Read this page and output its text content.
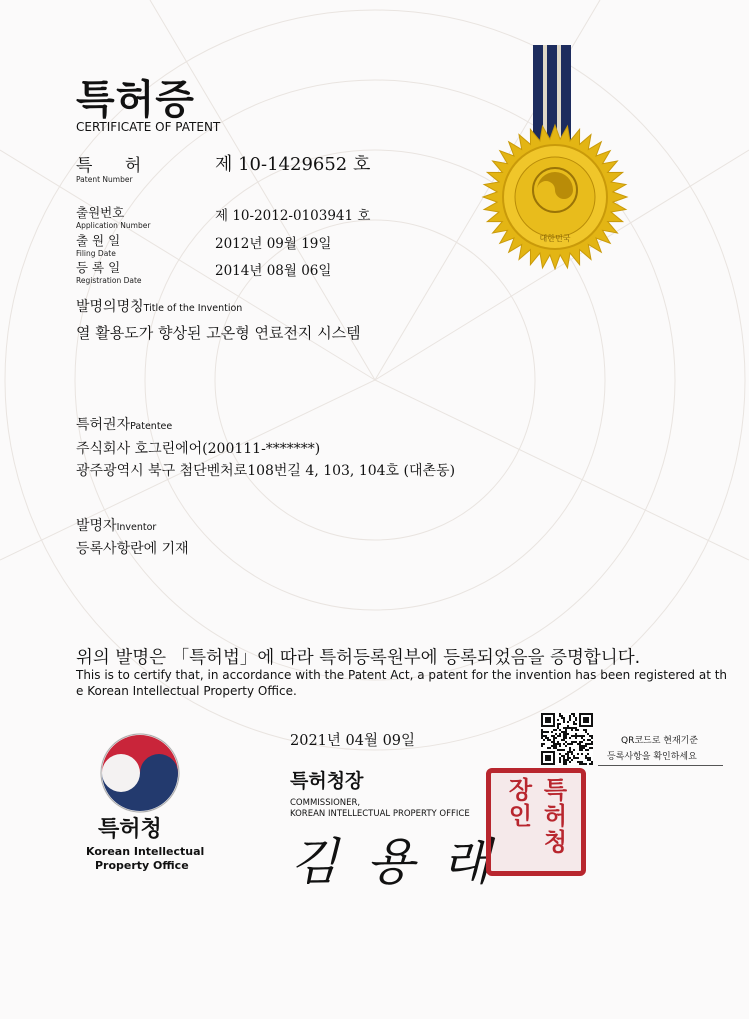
특허증
CERTIFICATE OF PATENT
특      허
Patent Number
제 10-1429652 호
출원번호
Application Number
제 10-2012-0103941 호
출 원 일
Filing Date
2012년 09월 19일
등 록 일
Registration Date
2014년 08월 06일
발명의명칭Title of the Invention
열 활용도가 향상된 고온형 연료전지 시스템
특허권자Patentee
주식회사 호그린에어(200111-*******)
광주광역시 북구 첨단벤처로108번길 4, 103, 104호 (대촌동)
발명자Inventor
등록사항란에 기재
위의 발명은 「특허법」에 따라 특허등록원부에 등록되었음을 증명합니다.
This is to certify that, in accordance with the Patent Act, a patent for the invention has been registered at th
e Korean Intellectual Property Office.
대한민국
특허청
Korean Intellectual
Property Office
2021년 04월 09일	QR코드로 현재기준
등록사항을 확인하세요
특허청장
COMMISSIONER,
KOREAN INTELLECTUAL PROPERTY OFFICE
김 용 래
특허청장인
